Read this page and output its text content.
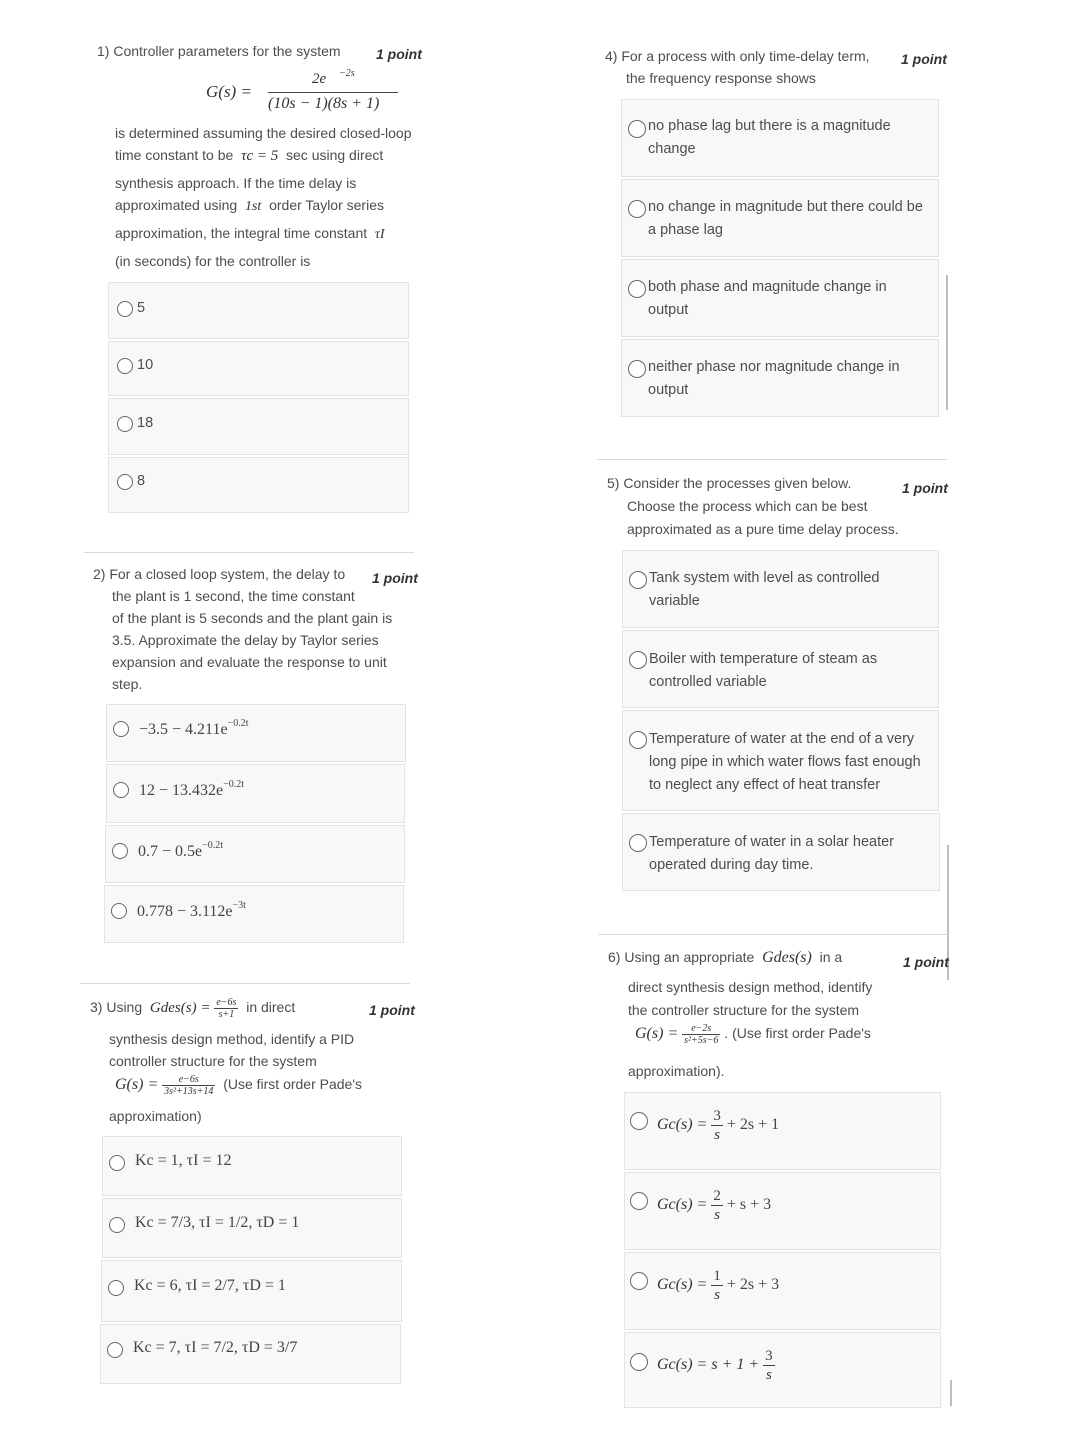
1) Controller parameters for the system	1 point
G(s) =
2e −2s
(10s − 1)(8s + 1)
is determined assuming the desired closed-loop
time constant to be τc = 5 sec using direct
synthesis approach. If the time delay is
approximated using 1st order Taylor series
approximation, the integral time constant τI
(in seconds) for the controller is
5
10
18
8
2) For a closed loop system, the delay to 1 point
the plant is 1 second, the time constant
of the plant is 5 seconds and the plant gain is
3.5. Approximate the delay by Taylor series
expansion and evaluate the response to unit
step.
$-3.5 - 4.211e^{-0.2t}$
$12 - 13.432e^{-0.2t}$
$0.7 - 0.5e^{-0.2t}$
$0.778 - 3.112e^{-3t}$
3) Using Gdes(s) = $\frac{e-6s}{s+1}$ in direct	1 point
synthesis design method, identify a PID
controller structure for the system
$G(s) = \frac{e-6s}{\text{3s²+13s+14}} (Use$ first order Pade's
approximation)
Kc = 1, τI = 12
Kc = 7/3, τI = 1/2, τD = 1
Kc = 6, τI = 2/7, τD = 1
Kc = 7, τI = 7/2, τD = 3/7
4) For a process with only time-delay term, 1 point
the frequency response shows
no phase lag but there is a magnitude
change
no change in magnitude but there could be
a phase lag
both phase and magnitude change in
output
neither phase nor magnitude change in
output
5) Consider the processes given below.	1 point
Choose the process which can be best
approximated as a pure time delay process.
Tank system with level as controlled
variable
Boiler with temperature of steam as
controlled variable
Temperature of water at the end of a very
long pipe in which water flows fast enough
to neglect any effect of heat transfer
Temperature of water in a solar heater
operated during day time.
6) Using an appropriate Gdes(s) in a	1 point
direct synthesis design method, identify
the controller structure for the system
$G(s) = \frac{e-2s}{\text{s²+5s−6}}$ . (Use first order Pade's
approximation).
$Gc(s) = \frac{3}{s} + 2s + 1$
$Gc(s) = \frac{2}{s} + s + 3$
$Gc(s) = \frac{1}{s} + 2s + 3$
$Gc(s) = s + 1 + \frac{3}{s}$
